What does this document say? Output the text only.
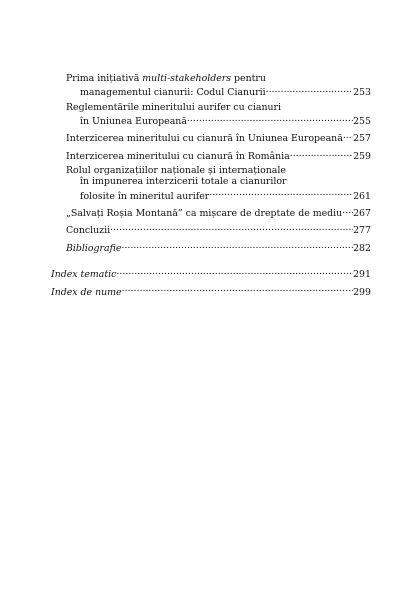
Prima inițiativă multi-stakeholders pentru
managementul cianurii: Codul Cianurii .....	253
Reglementările mineritului aurifer cu cianuri
în Uniunea Europeană .....	255
Interzicerea mineritului cu cianură în Uniunea Europeană ..... 257
Interzicerea mineritului cu cianură în România .....	259
Rolul organizațiilor naționale și internaționale
în impunerea interzicerii totale a cianurilor
folosite în mineritul aurifer .....	261
„Salvați Roșia Montană” ca mișcare de dreptate de mediu ..... 267
Concluzii .....	277
Bibliografie .....	282
Index tematic .....	291
Index de nume .....	299
